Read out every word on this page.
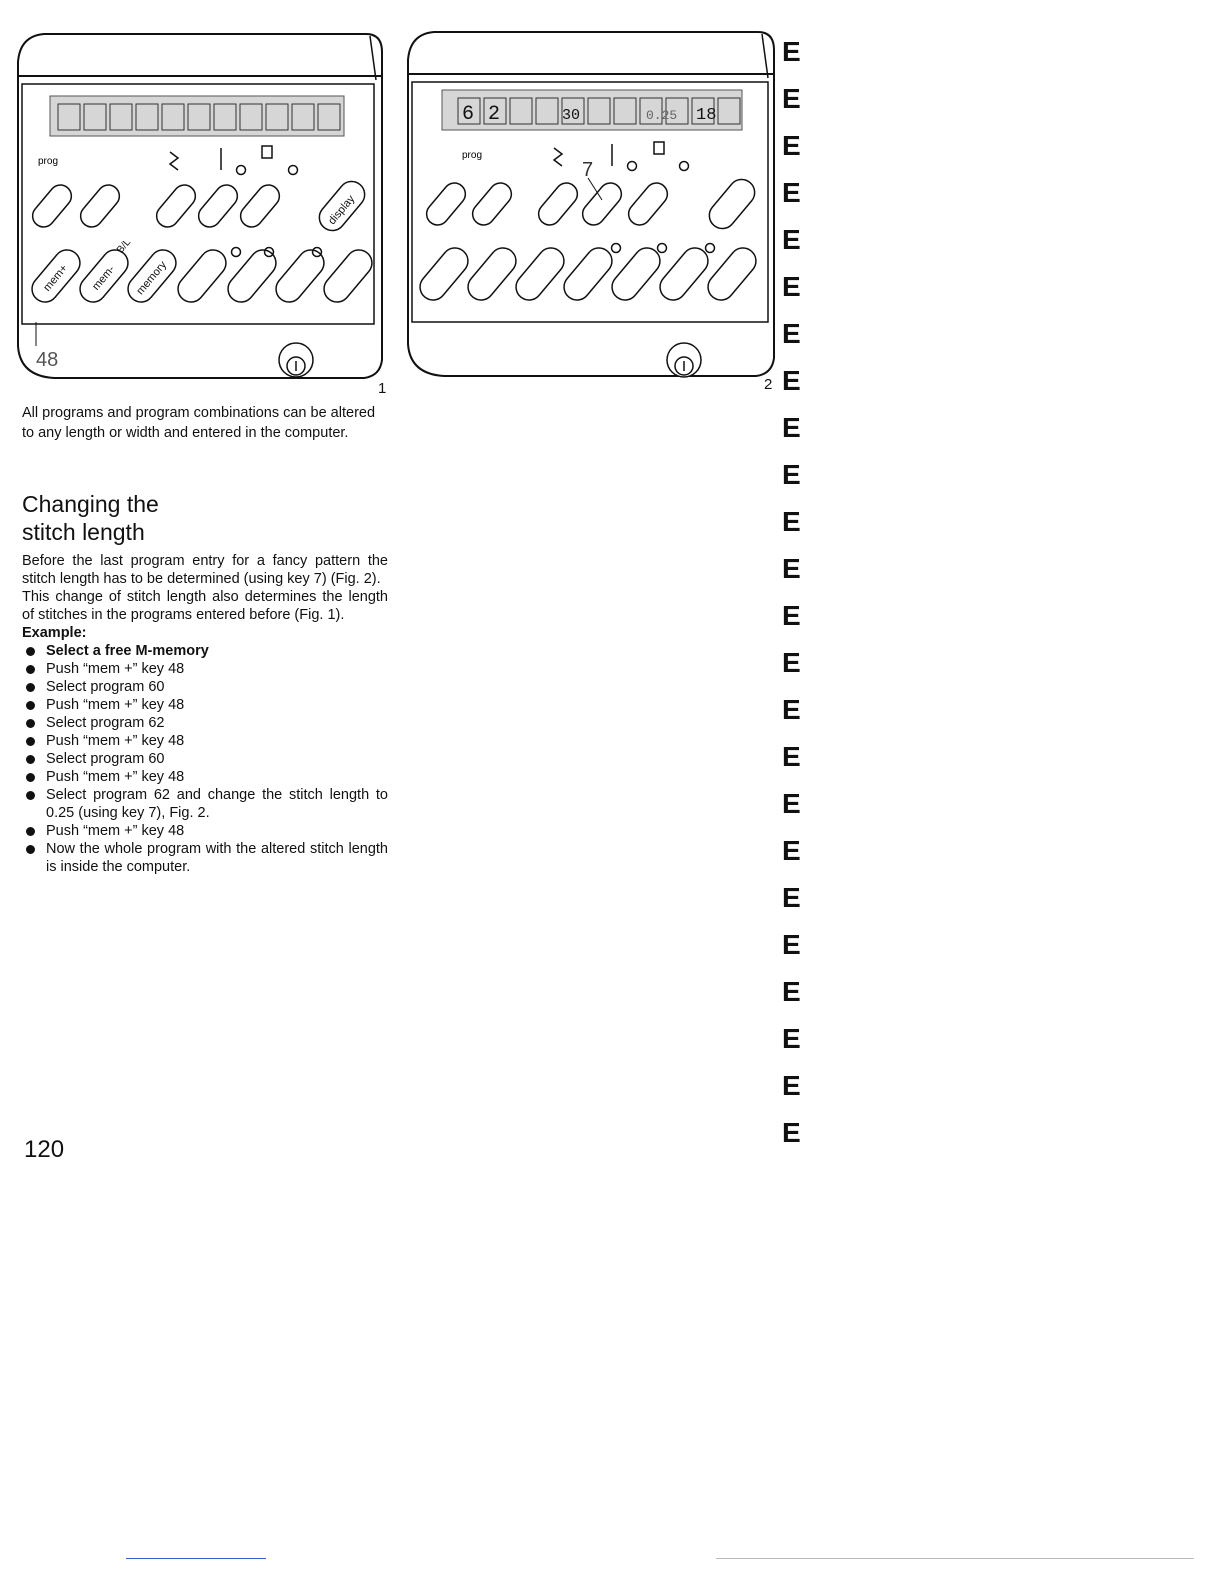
prog
display
mem+ mem- memory
B/L
48
1
6 2	30	0.25 18
prog
7
2
All programs and program combinations can be altered to any length or width and entered in the computer.
Changing the
stitch length

Before the last program entry for a fancy pattern the stitch length has to be determined (using key 7) (Fig. 2).

This change of stitch length also determines the length of stitches in the programs entered before (Fig. 1).

Example:

Select a free M-memory
Push “mem +” key 48
Select program 60
Push “mem +” key 48
Select program 62
Push “mem +” key 48
Select program 60
Push “mem +” key 48
Select program 62 and change the stitch length to 0.25 (using key 7), Fig. 2.
Push “mem +” key 48
Now the whole program with the altered stitch length is inside the computer.
120
E
E
E
E
E
E
E
E
E
E
E
E
E
E
E
E
E
E
E
E
E
E
E
E
